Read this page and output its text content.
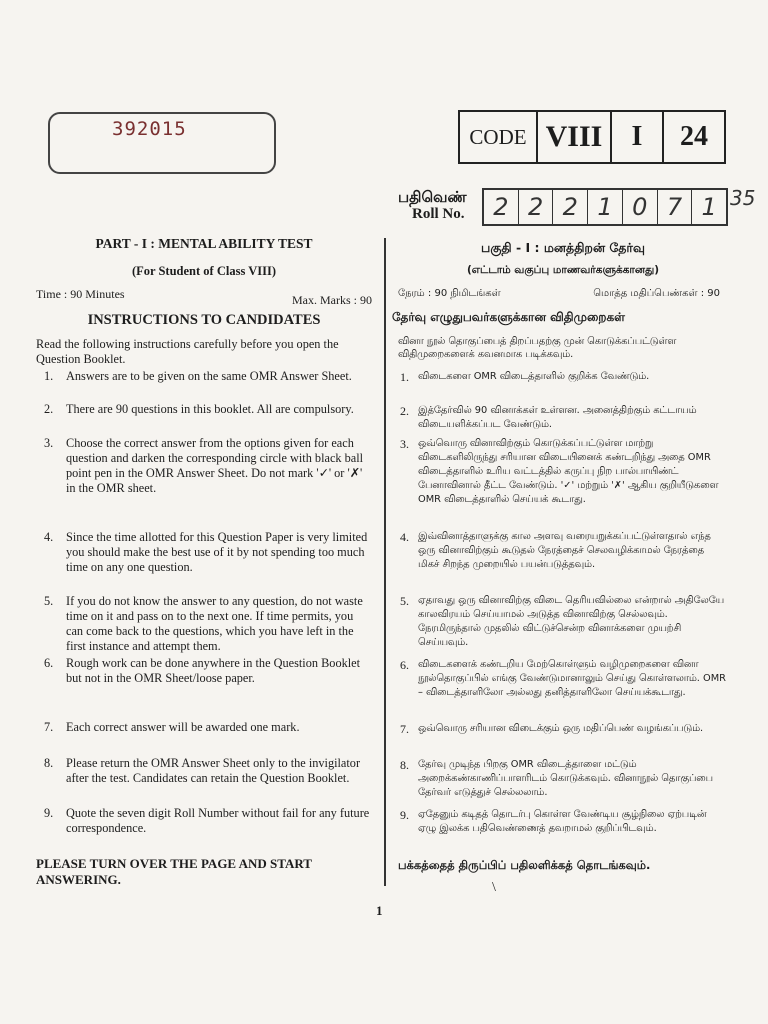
392015	CODE VIII	I	24
பதிவெண்
Roll No.	2 2 2 1 0 7 1 35
PART - I : MENTAL ABILITY TEST
(For Student of Class VIII)
Time : 90 Minutes	Max. Marks : 90
INSTRUCTIONS TO CANDIDATES
Read the following instructions carefully before you open the Question Booklet.
1.	Answers are to be given on the same OMR Answer Sheet.
2.	There are 90 questions in this booklet. All are compulsory.
3.	Choose the correct answer from the options given for each question and darken the corresponding circle with black ball point pen in the OMR Answer Sheet. Do not mark '✓' or '✗' in the OMR sheet.
4.	Since the time allotted for this Question Paper is very limited you should make the best use of it by not spending too much time on any one question.
5.	If you do not know the answer to any question, do not waste time on it and pass on to the next one. If time permits, you can come back to the questions, which you have left in the first instance and attempt them.
6.	Rough work can be done anywhere in the Question Booklet but not in the OMR Sheet/loose paper.
7.	Each correct answer will be awarded one mark.
8.	Please return the OMR Answer Sheet only to the invigilator after the test. Candidates can retain the Question Booklet.
9.	Quote the seven digit Roll Number without fail for any future correspondence.
PLEASE TURN OVER THE PAGE AND START ANSWERING.
பகுதி - I : மனத்திறன் தேர்வு
(எட்டாம் வகுப்பு மாணவர்களுக்கானது)
நேரம் : 90 நிமிடங்கள்	மொத்த மதிப்பெண்கள் : 90
தேர்வு எழுதுபவர்களுக்கான விதிமுறைகள்
வினா நூல் தொகுப்பைத் திறப்பதற்கு முன் கொடுக்கப்பட்டுள்ள விதிமுறைகளைக் கவனமாக படிக்கவும்.
1. விடைகளை OMR விடைத்தாளில் குறிக்க வேண்டும்.
2. இத்தேர்வில் 90 வினாக்கள் உள்ளன. அனைத்திற்கும் கட்டாயம் விடையளிக்கப்பட வேண்டும்.
3. ஒவ்வொரு வினாவிற்கும் கொடுக்கப்பட்டுள்ள மாற்று விடைகளிலிருந்து சரியான விடையினைக் கண்டறிந்து அதை OMR விடைத்தாளில் உரிய வட்டத்தில் கருப்பு நிற பால்பாயிண்ட் பேனாவினால் தீட்ட வேண்டும். '✓' மற்றும் '✗' ஆகிய குறியீடுகளை OMR விடைத்தாளில் செய்யக் கூடாது.
4. இவ்வினாத்தாளுக்கு கால அளவு வரையறுக்கப்பட்டுள்ளதால் எந்த ஒரு வினாவிற்கும் கூடுதல் நேரத்தைச் செலவழிக்காமல் நேரத்தை மிகச் சிறந்த முறையில் பயன்படுத்தவும்.
5. ஏதாவது ஒரு வினாவிற்கு விடை தெரியவில்லை என்றால் அதிலேயே காலவிரயம் செய்யாமல் அடுத்த வினாவிற்கு செல்லவும். நேரமிருந்தால் முதலில் விட்டுச்சென்ற வினாக்களை முயற்சி செய்யவும்.
6. விடைகளைக் கண்டறிய மேற்கொள்ளும் வழிமுறைகளை வினா நூல்தொகுப்பில் எங்கு வேண்டுமானாலும் செய்து கொள்ளலாம். OMR – விடைத்தாளிலோ அல்லது தனித்தாளிலோ செய்யக்கூடாது.
7. ஒவ்வொரு சரியான விடைக்கும் ஒரு மதிப்பெண் வழங்கப்படும்.
8. தேர்வு முடிந்த பிறகு OMR விடைத்தாளை மட்டும் அறைக்கண்காணிப்பாளரிடம் கொடுக்கவும். வினாநூல் தொகுப்பை தேர்வர் எடுத்துச் செல்லலாம்.
9. ஏதேனும் கடிதத் தொடர்பு கொள்ள வேண்டிய சூழ்நிலை ஏற்படின் ஏழு இலக்க பதிவெண்ணைத் தவறாமல் குறிப்பிடவும்.
பக்கத்தைத் திருப்பிப் பதிலளிக்கத் தொடங்கவும்.
\
1
